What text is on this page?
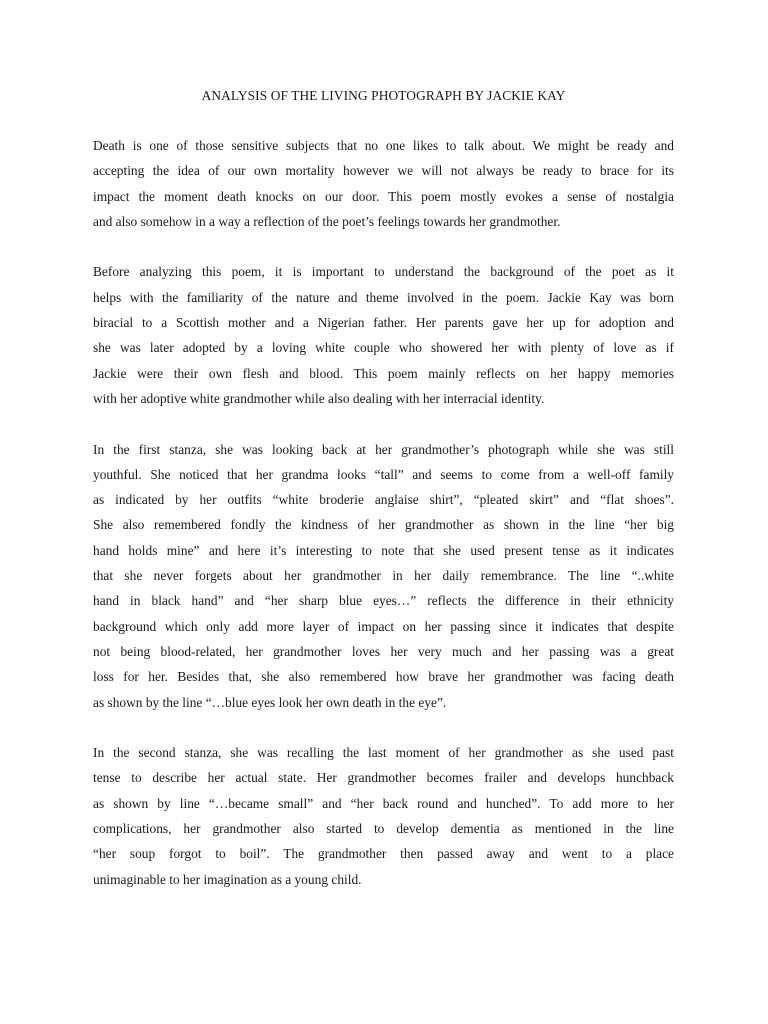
ANALYSIS OF THE LIVING PHOTOGRAPH BY JACKIE KAY
Death is one of those sensitive subjects that no one likes to talk about. We might be ready and
accepting the idea of our own mortality however we will not always be ready to brace for its
impact the moment death knocks on our door. This poem mostly evokes a sense of nostalgia
and also somehow in a way a reflection of the poet’s feelings towards her grandmother.
Before analyzing this poem, it is important to understand the background of the poet as it
helps with the familiarity of the nature and theme involved in the poem. Jackie Kay was born
biracial to a Scottish mother and a Nigerian father. Her parents gave her up for adoption and
she was later adopted by a loving white couple who showered her with plenty of love as if
Jackie were their own flesh and blood. This poem mainly reflects on her happy memories
with her adoptive white grandmother while also dealing with her interracial identity.
In the first stanza, she was looking back at her grandmother’s photograph while she was still
youthful. She noticed that her grandma looks “tall” and seems to come from a well-off family
as indicated by her outfits “white broderie anglaise shirt”, “pleated skirt” and “flat shoes”.
She also remembered fondly the kindness of her grandmother as shown in the line “her big
hand holds mine” and here it’s interesting to note that she used present tense as it indicates
that she never forgets about her grandmother in her daily remembrance. The line “..white
hand in black hand” and “her sharp blue eyes…” reflects the difference in their ethnicity
background which only add more layer of impact on her passing since it indicates that despite
not being blood-related, her grandmother loves her very much and her passing was a great
loss for her. Besides that, she also remembered how brave her grandmother was facing death
as shown by the line “…blue eyes look her own death in the eye”.
In the second stanza, she was recalling the last moment of her grandmother as she used past
tense to describe her actual state. Her grandmother becomes frailer and develops hunchback
as shown by line “…became small” and “her back round and hunched”. To add more to her
complications, her grandmother also started to develop dementia as mentioned in the line
“her soup forgot to boil”. The grandmother then passed away and went to a place
unimaginable to her imagination as a young child.
